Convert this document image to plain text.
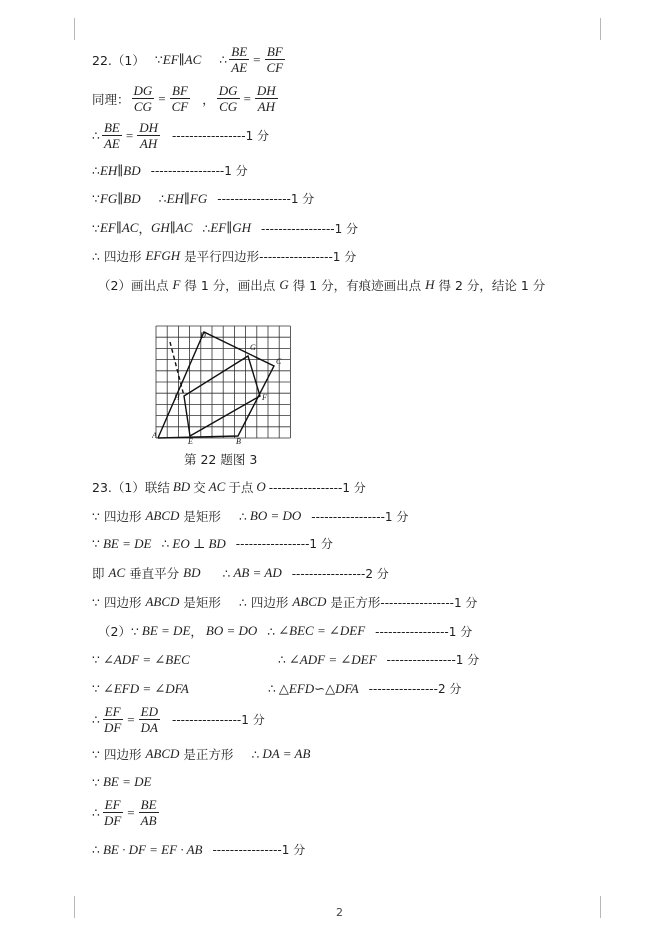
22.（1） ∵ EF∥AC ∴ $\frac{BE}{AE} = \frac{BF}{CF}$
同理： $\frac{DG}{CG} = \frac{BF}{CF}$ ， $\frac{DG}{CG} = \frac{DH}{AH}$
∴ $\frac{BE}{AE} = \frac{DH}{AH} -----------------1$ 分
∴ EH∥BD -----------------1 分
∵ FG∥BD ∴ EH∥FG -----------------1 分
∵ EF∥AC ， GH∥AC ∴ EF∥GH -----------------1 分
∴ 四边形 EFGH 是平行四边形 -----------------1 分
（2）画出点 F 得 1 分，画出点 G 得 1 分，有痕迹画出点 H 得 2 分，结论 1 分
A
E	B
F
C
G
D
H
第 22 题图 3
23.（1）联结 BD 交 AC 于点 O -----------------1 分
∵ 四边形 ABCD 是矩形 ∴ BO = DO -----------------1 分
∵ BE = DE ∴ EO ⊥ BD -----------------1 分
即 AC 垂直平分 BD ∴ AB = AD -----------------2 分
∵ 四边形 ABCD 是矩形 ∴ 四边形 ABCD 是正方形 -----------------1 分
（2） ∵ BE = DE ， BO = DO ∴ ∠BEC = ∠DEF -----------------1 分
∵ ∠ADF = ∠BEC	∴ ∠ADF = ∠DEF ----------------1 分
∵ ∠EFD = ∠DFA	∴ △EFD∽△DFA ----------------2 分
∴ $\frac{EF}{DF} = \frac{ED}{DA} ----------------1$ 分
∵ 四边形 ABCD 是正方形 ∴ DA = AB
∵ BE = DE
∴ $\frac{EF}{DF} = \frac{BE}{AB}$
∴ BE · DF = EF · AB ----------------1 分
2
